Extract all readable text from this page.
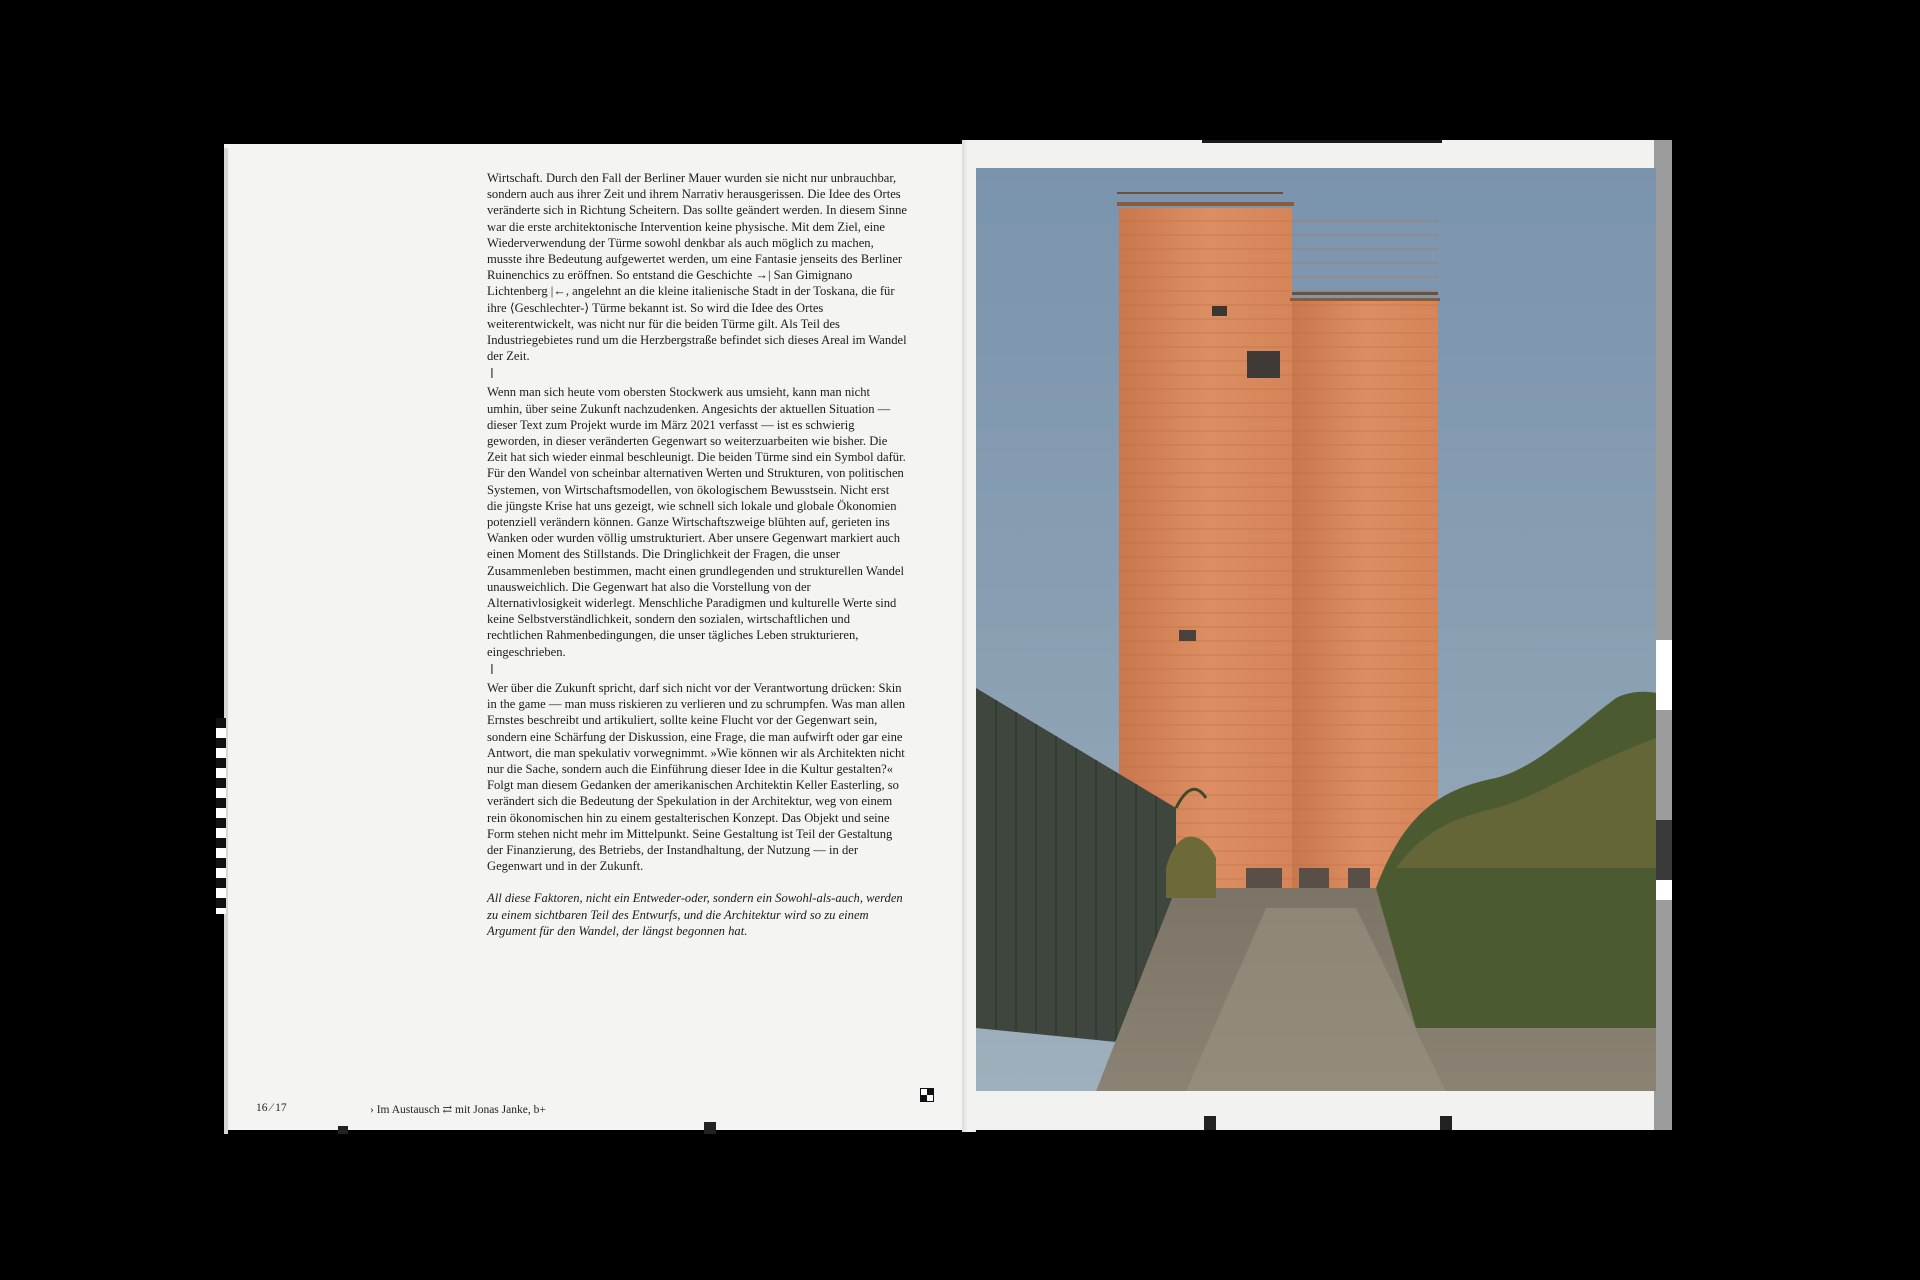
Wirtschaft. Durch den Fall der Berliner Mauer wurden sie nicht nur unbrauchbar, sondern auch aus ihrer Zeit und ihrem Narrativ herausgerissen. Die Idee des Ortes veränderte sich in Richtung Scheitern. Das sollte geändert werden. In diesem Sinne war die erste architektonische Intervention keine physische. Mit dem Ziel, eine Wiederverwendung der Türme sowohl denkbar als auch möglich zu machen, musste ihre Bedeutung aufgewertet werden, um eine Fantasie jenseits des Berliner Ruinenchics zu eröffnen. So entstand die Geschichte →| San Gimignano Lichtenberg |←, angelehnt an die kleine italienische Stadt in der Toskana, die für ihre ⟨Geschlechter-⟩ Türme bekannt ist. So wird die Idee des Ortes weiterentwickelt, was nicht nur für die beiden Türme gilt. Als Teil des Industriegebietes rund um die Herzbergstraße befindet sich dieses Areal im Wandel der Zeit.

I

Wenn man sich heute vom obersten Stockwerk aus umsieht, kann man nicht umhin, über seine Zukunft nachzudenken. Angesichts der aktuellen Situation — dieser Text zum Projekt wurde im März 2021 verfasst — ist es schwierig geworden, in dieser veränderten Gegenwart so weiterzuarbeiten wie bisher. Die Zeit hat sich wieder einmal beschleunigt. Die beiden Türme sind ein Symbol dafür. Für den Wandel von scheinbar alternativen Werten und Strukturen, von politischen Systemen, von Wirtschaftsmodellen, von ökologischem Bewusstsein. Nicht erst die jüngste Krise hat uns gezeigt, wie schnell sich lokale und globale Ökonomien potenziell verändern können. Ganze Wirtschaftszweige blühten auf, gerieten ins Wanken oder wurden völlig umstrukturiert. Aber unsere Gegenwart markiert auch einen Moment des Stillstands. Die Dringlichkeit der Fragen, die unser Zusammenleben bestimmen, macht einen grundlegenden und strukturellen Wandel unausweichlich. Die Gegenwart hat also die Vorstellung von der Alternativlosigkeit widerlegt. Menschliche Paradigmen und kulturelle Werte sind keine Selbstverständlichkeit, sondern den sozialen, wirtschaftlichen und rechtlichen Rahmenbedingungen, die unser tägliches Leben strukturieren, eingeschrieben.

I

Wer über die Zukunft spricht, darf sich nicht vor der Verantwortung drücken: Skin in the game — man muss riskieren zu verlieren und zu schrumpfen. Was man allen Ernstes beschreibt und artikuliert, sollte keine Flucht vor der Gegenwart sein, sondern eine Schärfung der Diskussion, eine Frage, die man aufwirft oder gar eine Antwort, die man spekulativ vorwegnimmt. »Wie können wir als Architekten nicht nur die Sache, sondern auch die Einführung dieser Idee in die Kultur gestalten?« Folgt man diesem Gedanken der amerikanischen Architektin Keller Easterling, so verändert sich die Bedeutung der Spekulation in der Architektur, weg von einem rein ökonomischen hin zu einem gestalterischen Konzept. Das Objekt und seine Form stehen nicht mehr im Mittelpunkt. Seine Gestaltung ist Teil der Gestaltung der Finanzierung, des Betriebs, der Instandhaltung, der Nutzung — in der Gegenwart und in der Zukunft.

All diese Faktoren, nicht ein Entweder-oder, sondern ein Sowohl-als-auch, werden zu einem sichtbaren Teil des Entwurfs, und die Architektur wird so zu einem Argument für den Wandel, der längst begonnen hat.

16 ⁄ 17	› Im Austausch ⇄ mit Jonas Janke, b+
